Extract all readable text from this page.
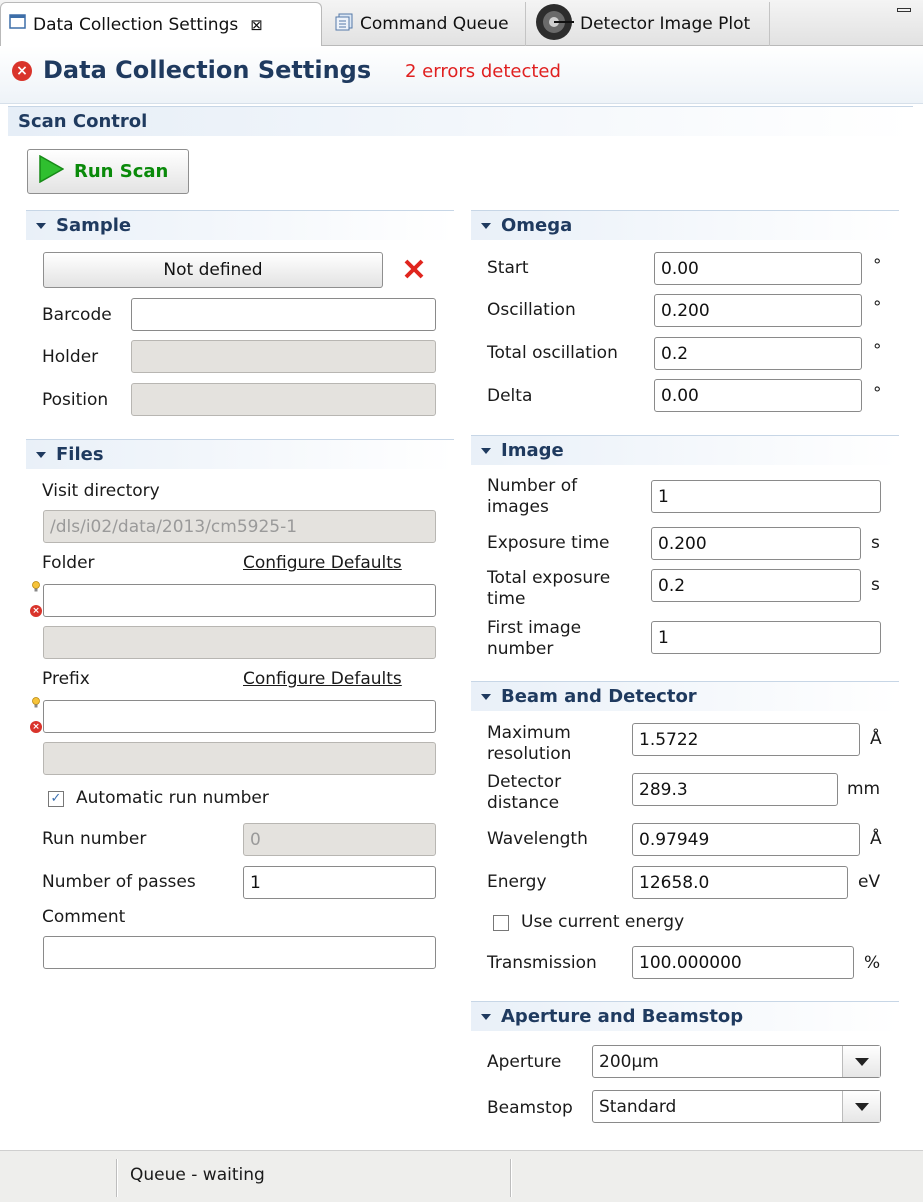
Data Collection Settings ⊠	Command Queue	Detector Image Plot
× Data Collection Settings 2 errors detected
Scan Control
Run Scan
Sample
Not defined
Barcode
Holder
Position
Files
Visit directory
/dls/i02/data/2013/cm5925-1
Folder	Configure Defaults
×
Prefix	Configure Defaults
×
✓ Automatic run number
Run number	0
Number of passes	1
Comment
Omega
Start	0.00	°
Oscillation	0.200	°
Total oscillation	0.2	°
Delta	0.00	°
Image
Number of images
1
Exposure time	0.200	s
Total exposure time
0.2	s
First image number
1
Beam and Detector
Maximum resolution
1.5722	Å
Detector distance
289.3	mm
Wavelength	0.97949	Å
Energy	12658.0	eV
Use current energy
Transmission	100.000000	%
Aperture and Beamstop
Aperture	200µm
Beamstop	Standard
Queue - waiting
